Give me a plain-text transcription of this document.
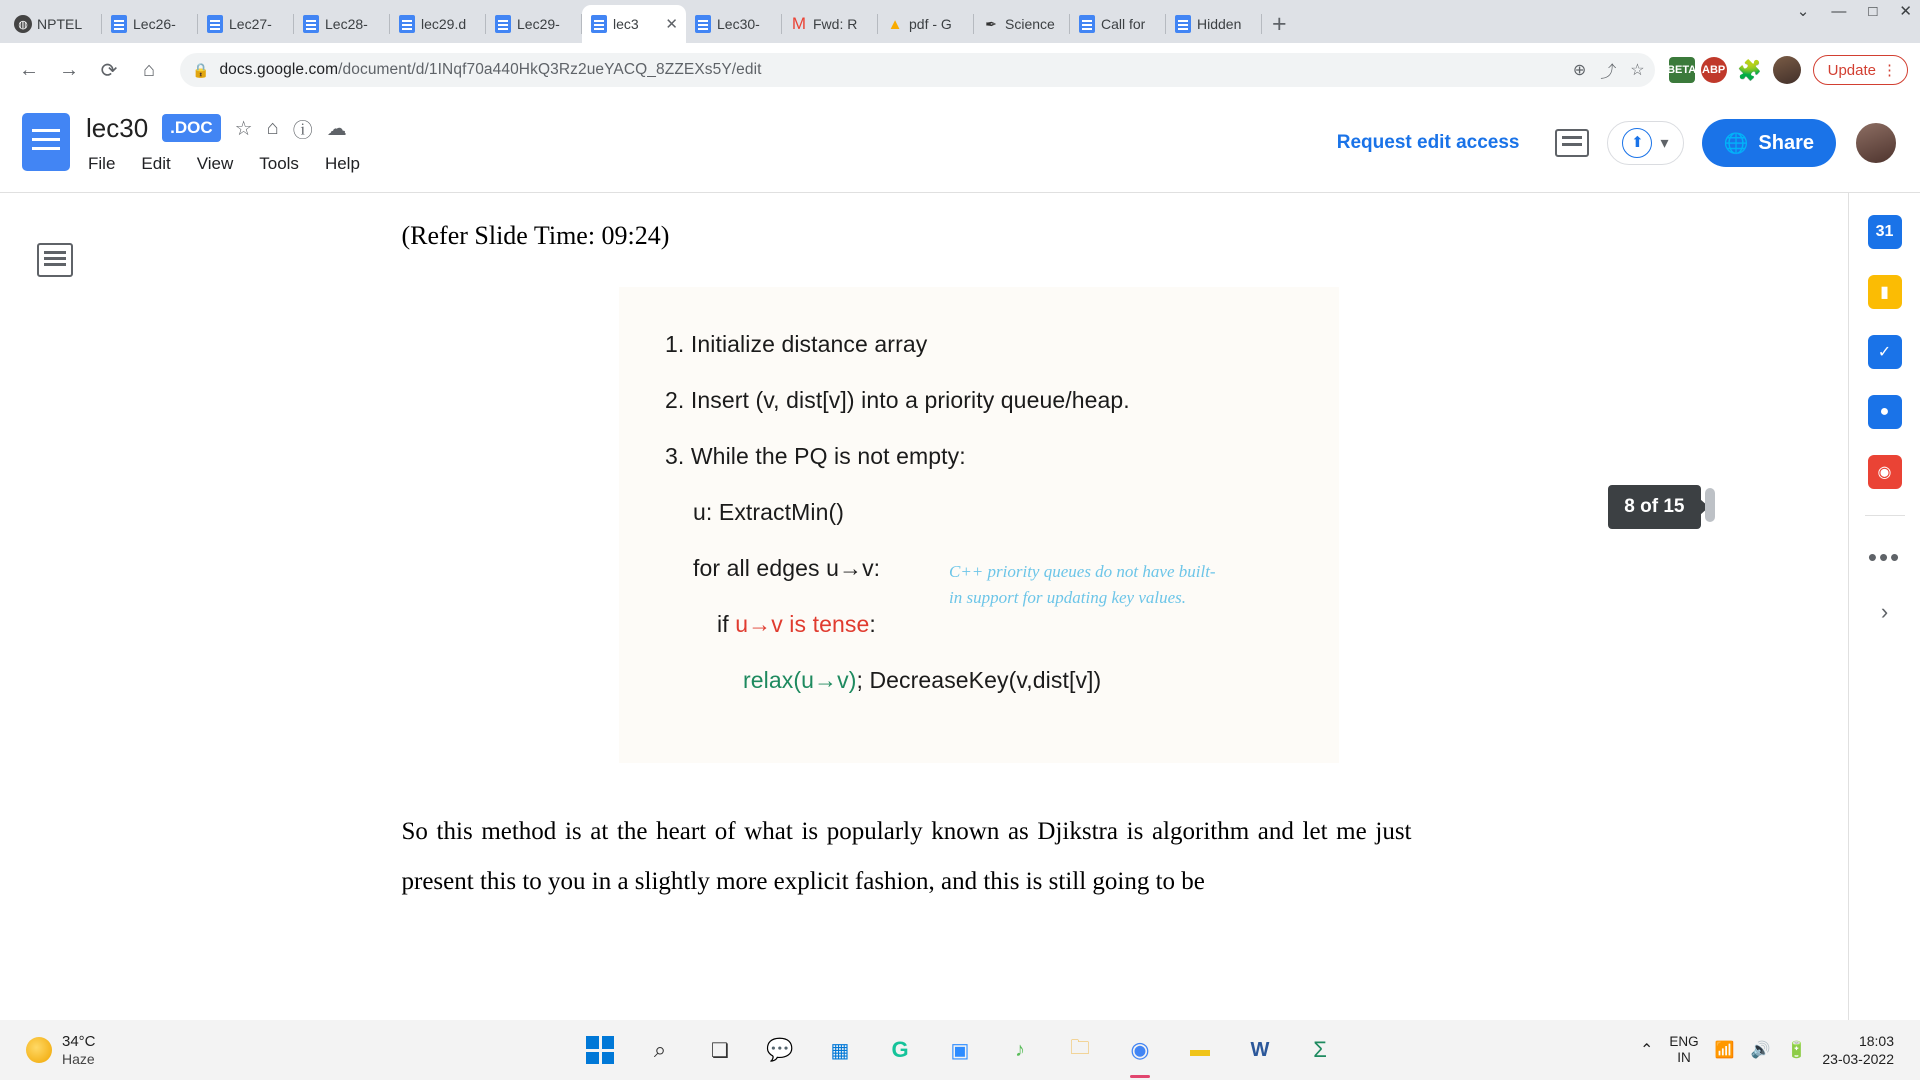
◍ NPTEL	Lec26-	Lec27-	Lec28-	lec29.d	Lec29-	lec3 ✕	Lec30- M Fwd: R ▲ pdf - G ✒ Science	Call for	Hidden +	⌄ — □ ✕
←	→	⟳	⌂	🔒 docs.google.com/document/d/1INqf70a440HkQ3Rz2ueYACQ_8ZZEXs5Y/edit	⊕ ⤴ ☆ BETA ABP 🧩	Update ⋮
lec30	.DOC	☆ ⌂ ⓘ ☁
File Edit View Tools Help
Request edit access	⬆	▾	🌐 Share
(Refer Slide Time: 09:24)
1. Initialize distance array
2. Insert (v, dist[v]) into a priority queue/heap.
3. While the PQ is not empty:
u: ExtractMin()
for all edges u→v:
if u→v is tense:
relax(u→v); DecreaseKey(v,dist[v])
C++ priority queues do not have built-in support for updating key values.
So this method is at the heart of what is popularly known as Djikstra is algorithm and let me just present this to you in a slightly more explicit fashion, and this is still going to be
8 of 15
31
▮
✓
●
◉
•••
›
34°C
Haze	⌕	❏	💬	▦	G	▣	♪	🗀	◉	▬	W	Σ	⌃
ENG
IN	📶 🔊 🔋
18:03
23-03-2022
